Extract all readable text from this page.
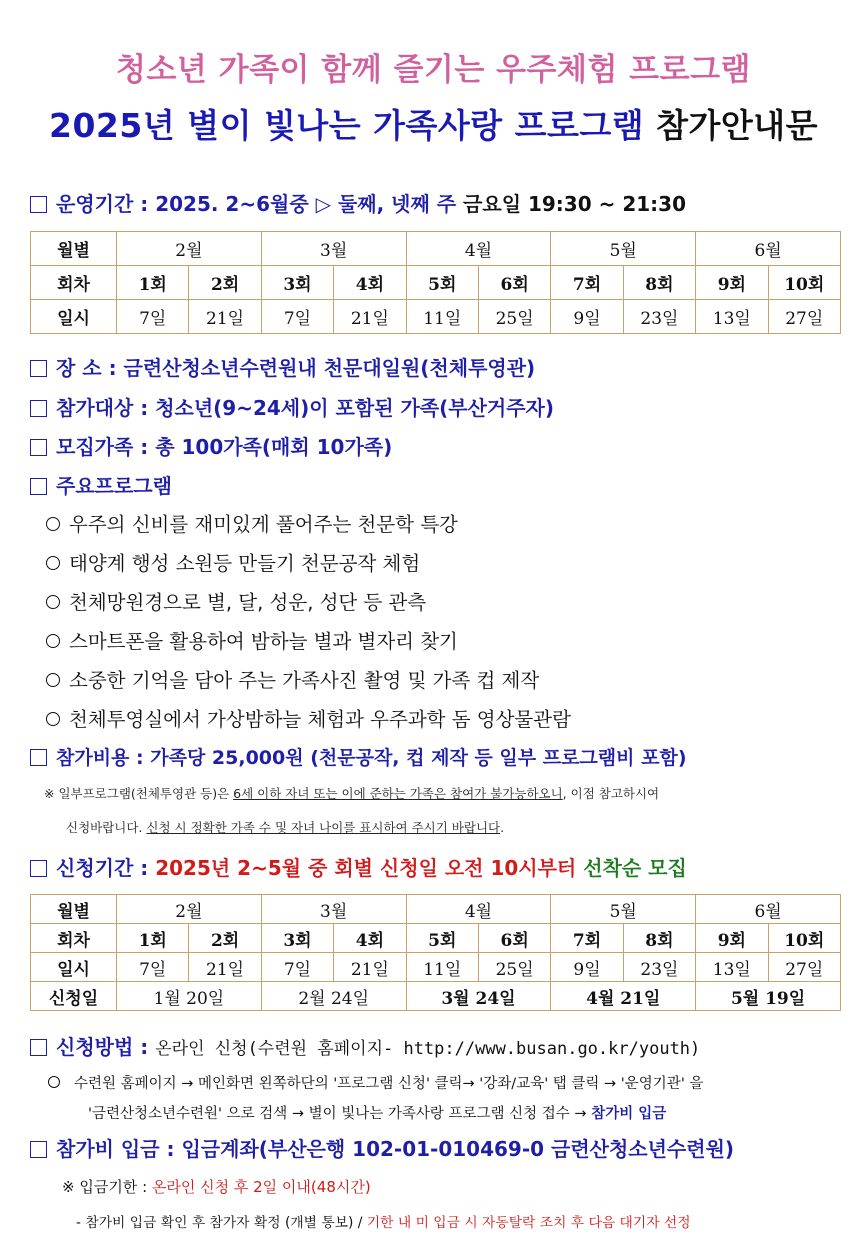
청소년 가족이 함께 즐기는 우주체험 프로그램
2025년 별이 빛나는 가족사랑 프로그램 참가안내문
운영기간 : 2025. 2~6월중 ▷ 둘째, 넷째 주 금요일 19:30 ~ 21:30
월별	2월		3월		4월		5월		6월	
회차	1회	2회	3회	4회	5회	6회	7회	8회	9회	10회
일시	7일	21일	7일	21일	11일	25일	9일	23일	13일	27일
장 소 : 금련산청소년수련원내 천문대일원(천체투영관)
참가대상 : 청소년(9~24세)이 포함된 가족(부산거주자)
모집가족 : 총 100가족(매회 10가족)
주요프로그램
우주의 신비를 재미있게 풀어주는 천문학 특강
태양계 행성 소원등 만들기 천문공작 체험
천체망원경으로 별, 달, 성운, 성단 등 관측
스마트폰을 활용하여 밤하늘 별과 별자리 찾기
소중한 기억을 담아 주는 가족사진 촬영 및 가족 컵 제작
천체투영실에서 가상밤하늘 체험과 우주과학 돔 영상물관람
참가비용 : 가족당 25,000원 (천문공작, 컵 제작 등 일부 프로그램비 포함)
※ 일부프로그램(천체투영관 등)은 6세 이하 자녀 또는 이에 준하는 가족은 참여가 불가능하오니, 이점 참고하시여
신청바랍니다. 신청 시 정확한 가족 수 및 자녀 나이를 표시하여 주시기 바랍니다.
신청기간 : 2025년 2~5월 중 회별 신청일 오전 10시부터 선착순 모집
월별	2월		3월		4월		5월		6월	
회차	1회	2회	3회	4회	5회	6회	7회	8회	9회	10회
일시	7일	21일	7일	21일	11일	25일	9일	23일	13일	27일
신청일	1월 20일		2월 24일		3월 24일		4월 21일		5월 19일	
신청방법 : 온라인 신청(수련원 홈페이지- http://www.busan.go.kr/youth)
수련원 홈페이지 → 메인화면 왼쪽하단의 '프로그램 신청' 클릭→ '강좌/교육' 탭 클릭 → '운영기관' 을
'금련산청소년수련원' 으로 검색 → 별이 빛나는 가족사랑 프로그램 신청 접수 → 참가비 입금
참가비 입금 : 입금계좌(부산은행 102-01-010469-0 금련산청소년수련원)
※ 입금기한 : 온라인 신청 후 2일 이내(48시간)
- 참가비 입금 확인 후 참가자 확정 (개별 통보) / 기한 내 미 입금 시 자동탈락 조치 후 다음 대기자 선정
